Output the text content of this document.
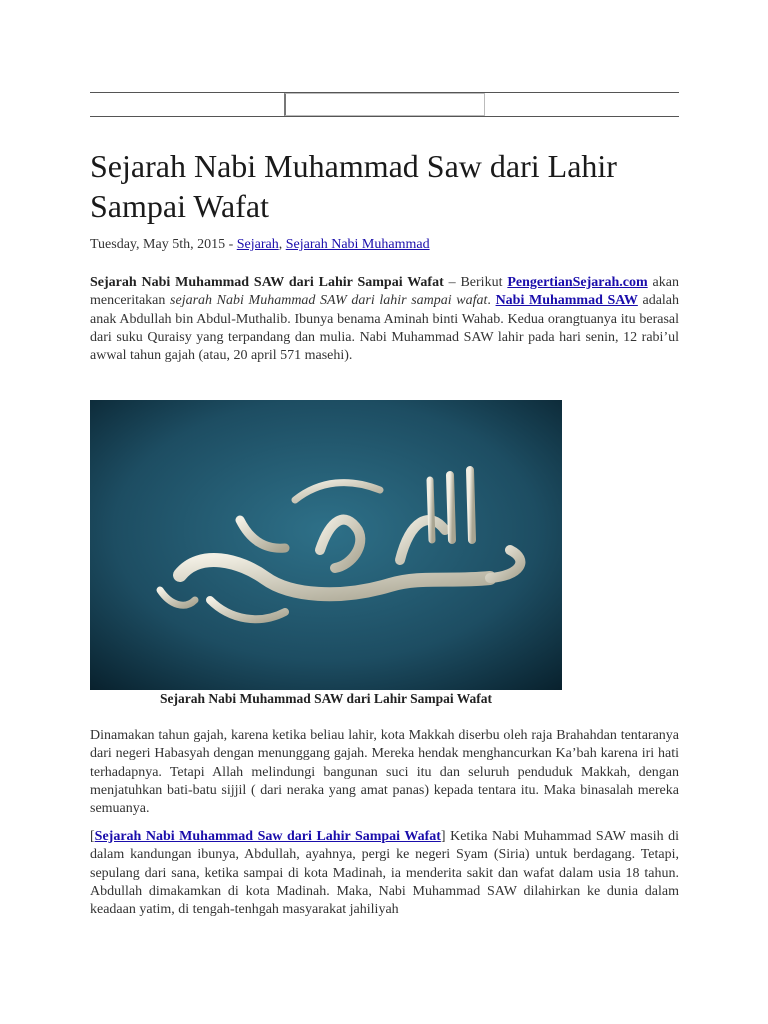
Sejarah Nabi Muhammad Saw dari Lahir Sampai Wafat
Tuesday, May 5th, 2015 - Sejarah, Sejarah Nabi Muhammad

Sejarah Nabi Muhammad SAW dari Lahir Sampai Wafat – Berikut PengertianSejarah.com akan menceritakan sejarah Nabi Muhammad SAW dari lahir sampai wafat. Nabi Muhammad SAW adalah anak Abdullah bin Abdul-Muthalib. Ibunya benama Aminah binti Wahab. Kedua orangtuanya itu berasal dari suku Quraisy yang terpandang dan mulia. Nabi Muhammad SAW lahir pada hari senin, 12 rabi’ul awwal tahun gajah (atau, 20 april 571 masehi).

Sejarah Nabi Muhammad SAW dari Lahir Sampai Wafat

Dinamakan tahun gajah, karena ketika beliau lahir, kota Makkah diserbu oleh raja Brahahdan tentaranya dari negeri Habasyah dengan menunggang gajah. Mereka hendak menghancurkan Ka’bah karena iri hati terhadapnya. Tetapi Allah melindungi bangunan suci itu dan seluruh penduduk Makkah, dengan menjatuhkan bati-batu sijjil ( dari neraka yang amat panas) kepada tentara itu. Maka binasalah mereka semuanya.

[Sejarah Nabi Muhammad Saw dari Lahir Sampai Wafat] Ketika Nabi Muhammad SAW masih di dalam kandungan ibunya, Abdullah, ayahnya, pergi ke negeri Syam (Siria) untuk berdagang. Tetapi, sepulang dari sana, ketika sampai di kota Madinah, ia menderita sakit dan wafat dalam usia 18 tahun. Abdullah dimakamkan di kota Madinah. Maka, Nabi Muhammad SAW dilahirkan ke dunia dalam keadaan yatim, di tengah-tenhgah masyarakat jahiliyah
